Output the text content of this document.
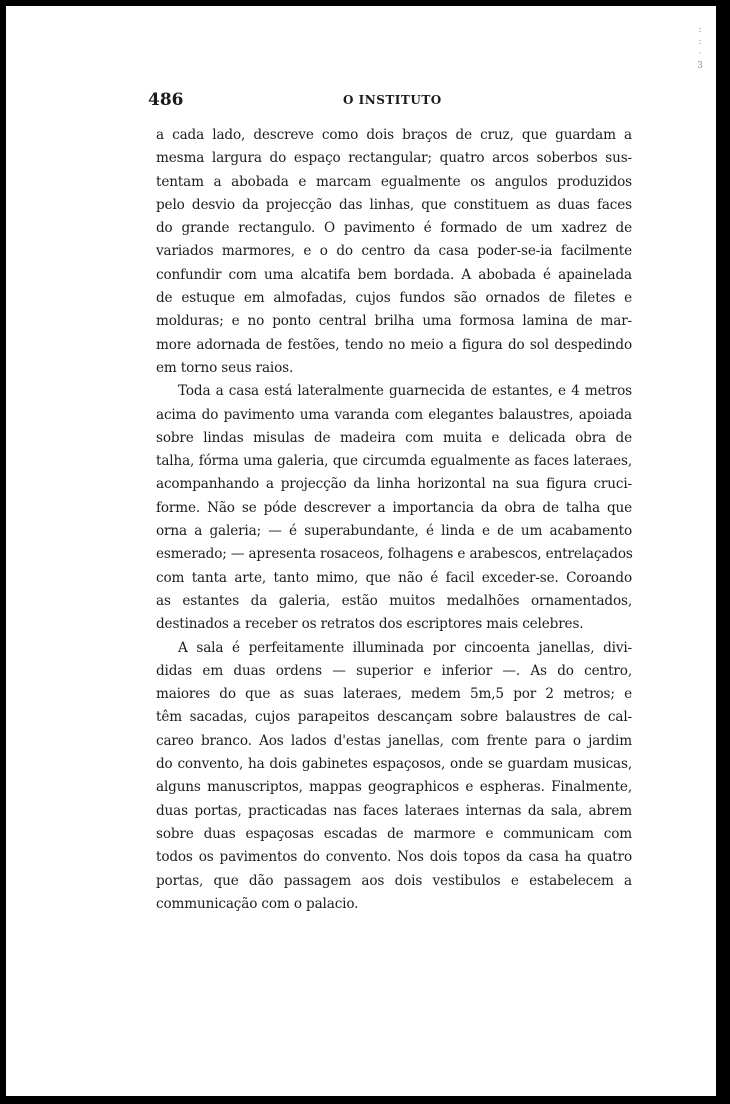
:
:
·
3
486	O INSTITUTO
a cada lado, descreve como dois braços de cruz, que guardam a
mesma largura do espaço rectangular; quatro arcos soberbos sus-
tentam a abobada e marcam egualmente os angulos produzidos
pelo desvio da projecção das linhas, que constituem as duas faces
do grande rectangulo. O pavimento é formado de um xadrez de
variados marmores, e o do centro da casa poder-se-ia facilmente
confundir com uma alcatifa bem bordada. A abobada é apainelada
de estuque em almofadas, cujos fundos são ornados de filetes e
molduras; e no ponto central brilha uma formosa lamina de mar-
more adornada de festões, tendo no meio a figura do sol despedindo
em torno seus raios.
Toda a casa está lateralmente guarnecida de estantes, e 4 metros
acima do pavimento uma varanda com elegantes balaustres, apoiada
sobre lindas misulas de madeira com muita e delicada obra de
talha, fórma uma galeria, que circumda egualmente as faces lateraes,
acompanhando a projecção da linha horizontal na sua figura cruci-
forme. Não se póde descrever a importancia da obra de talha que
orna a galeria; — é superabundante, é linda e de um acabamento
esmerado; — apresenta rosaceos, folhagens e arabescos, entrelaçados
com tanta arte, tanto mimo, que não é facil exceder-se. Coroando
as estantes da galeria, estão muitos medalhões ornamentados,
destinados a receber os retratos dos escriptores mais celebres.
A sala é perfeitamente illuminada por cincoenta janellas, divi-
didas em duas ordens — superior e inferior —. As do centro,
maiores do que as suas lateraes, medem 5m,5 por 2 metros; e
têm sacadas, cujos parapeitos descançam sobre balaustres de cal-
careo branco. Aos lados d'estas janellas, com frente para o jardim
do convento, ha dois gabinetes espaçosos, onde se guardam musicas,
alguns manuscriptos, mappas geographicos e espheras. Finalmente,
duas portas, practicadas nas faces lateraes internas da sala, abrem
sobre duas espaçosas escadas de marmore e communicam com
todos os pavimentos do convento. Nos dois topos da casa ha quatro
portas, que dão passagem aos dois vestibulos e estabelecem a
communicação com o palacio.
